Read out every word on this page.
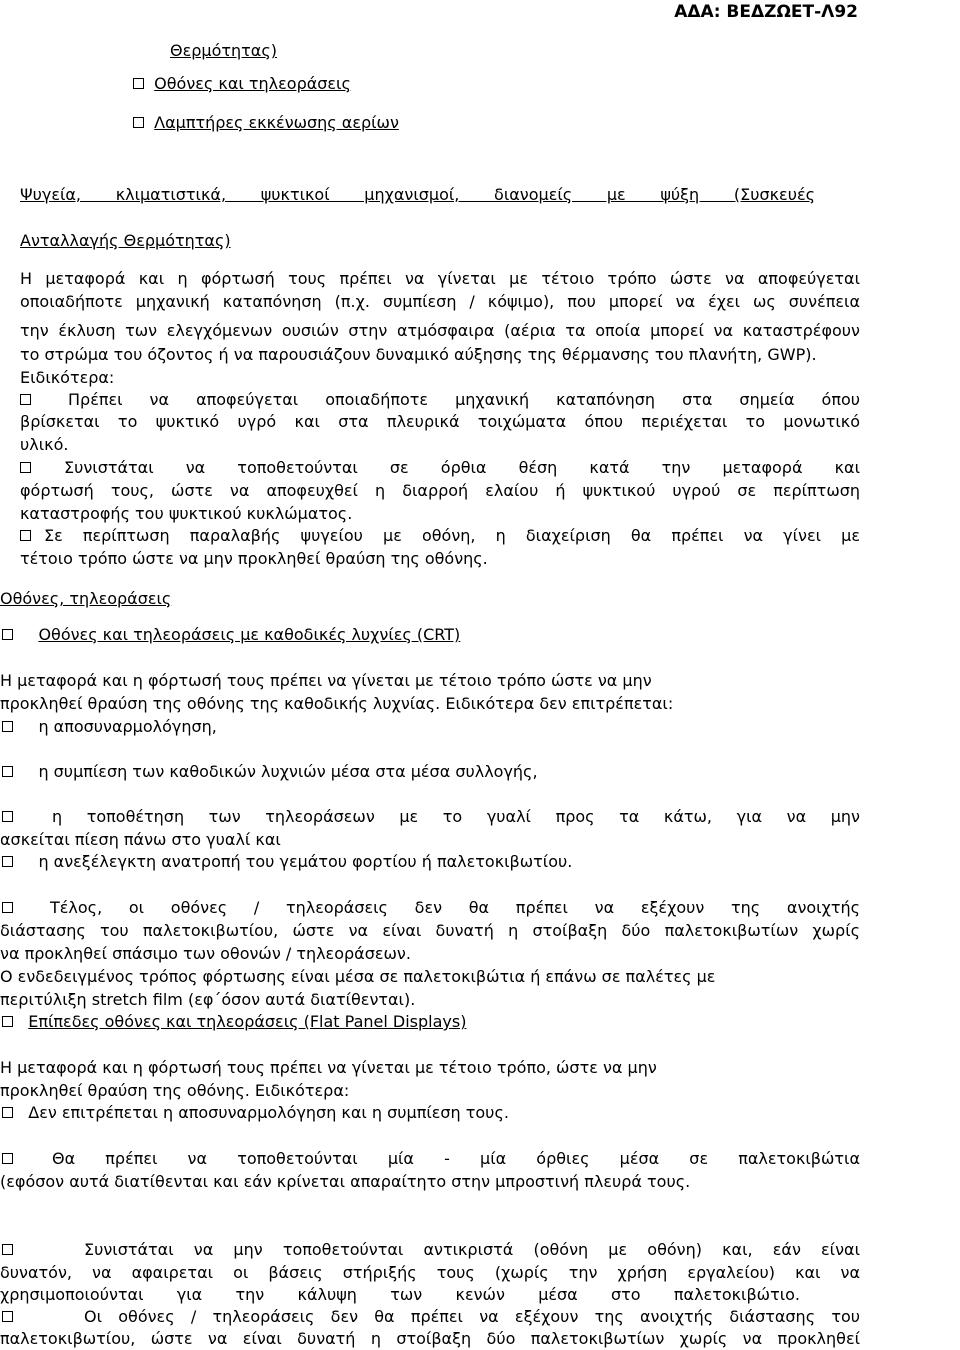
ΑΔΑ: ΒΕΔΖΩΕΤ-Λ92
Θερμότητας)
Οθόνες και τηλεοράσεις
Λαμπτήρες εκκένωσης αερίων
Ψυγεία, κλιματιστικά, ψυκτικοί μηχανισμοί, διανομείς με ψύξη (Συσκευές
Ανταλλαγής Θερμότητας)
Η μεταφορά και η φόρτωσή τους πρέπει να γίνεται με τέτοιο τρόπο ώστε να αποφεύγεται
οποιαδήποτε μηχανική καταπόνηση (π.χ. συμπίεση / κόψιμο), που μπορεί να έχει ως συνέπεια
την έκλυση των ελεγχόμενων ουσιών στην ατμόσφαιρα (αέρια τα οποία μπορεί να καταστρέφουν
το στρώμα του όζοντος ή να παρουσιάζουν δυναμικό αύξησης της θέρμανσης του πλανήτη, GWP).
Ειδικότερα:
Πρέπει να αποφεύγεται οποιαδήποτε μηχανική καταπόνηση στα σημεία όπου
βρίσκεται το ψυκτικό υγρό και στα πλευρικά τοιχώματα όπου περιέχεται το μονωτικό
υλικό.
Συνιστάται να τοποθετούνται σε όρθια θέση κατά την μεταφορά και
φόρτωσή τους, ώστε να αποφευχθεί η διαρροή ελαίου ή ψυκτικού υγρού σε περίπτωση
καταστροφής του ψυκτικού κυκλώματος.
Σε περίπτωση παραλαβής ψυγείου με οθόνη, η διαχείριση θα πρέπει να γίνει με
τέτοιο τρόπο ώστε να μην προκληθεί θραύση της οθόνης.
Οθόνες, τηλεοράσεις
Οθόνες και τηλεοράσεις με καθοδικές λυχνίες (CRT)
Η μεταφορά και η φόρτωσή τους πρέπει να γίνεται με τέτοιο τρόπο ώστε να μην
προκληθεί θραύση της οθόνης της καθοδικής λυχνίας. Ειδικότερα δεν επιτρέπεται:
η αποσυναρμολόγηση,
η συμπίεση των καθοδικών λυχνιών μέσα στα μέσα συλλογής,
η τοποθέτηση των τηλεοράσεων με το γυαλί προς τα κάτω, για να μην
ασκείται πίεση πάνω στο γυαλί και
η ανεξέλεγκτη ανατροπή του γεμάτου φορτίου ή παλετοκιβωτίου.
Τέλος, οι οθόνες / τηλεοράσεις δεν θα πρέπει να εξέχουν της ανοιχτής
διάστασης του παλετοκιβωτίου, ώστε να είναι δυνατή η στοίβαξη δύο παλετοκιβωτίων χωρίς
να προκληθεί σπάσιμο των οθονών / τηλεοράσεων.
Ο ενδεδειγμένος τρόπος φόρτωσης είναι μέσα σε παλετοκιβώτια ή επάνω σε παλέτες με
περιτύλιξη stretch film (εφ΄όσον αυτά διατίθενται).
Επίπεδες οθόνες και τηλεοράσεις (Flat Panel Displays)
Η μεταφορά και η φόρτωσή τους πρέπει να γίνεται με τέτοιο τρόπο, ώστε να μην
προκληθεί θραύση της οθόνης. Ειδικότερα:
Δεν επιτρέπεται η αποσυναρμολόγηση και η συμπίεση τους.
Θα πρέπει να τοποθετούνται μία - μία όρθιες μέσα σε παλετοκιβώτια
(εφόσον αυτά διατίθενται και εάν κρίνεται απαραίτητο στην μπροστινή πλευρά τους.
Συνιστάται να μην τοποθετούνται αντικριστά (οθόνη με οθόνη) και, εάν είναι
δυνατόν, να αφαιρεται οι βάσεις στήριξής τους (χωρίς την χρήση εργαλείου) και να
χρησιμοποιούνται για την κάλυψη των κενών μέσα στο παλετοκιβώτιο.
Οι οθόνες / τηλεοράσεις δεν θα πρέπει να εξέχουν της ανοιχτής διάστασης του
παλετοκιβωτίου, ώστε να είναι δυνατή η στοίβαξη δύο παλετοκιβωτίων χωρίς να προκληθεί
